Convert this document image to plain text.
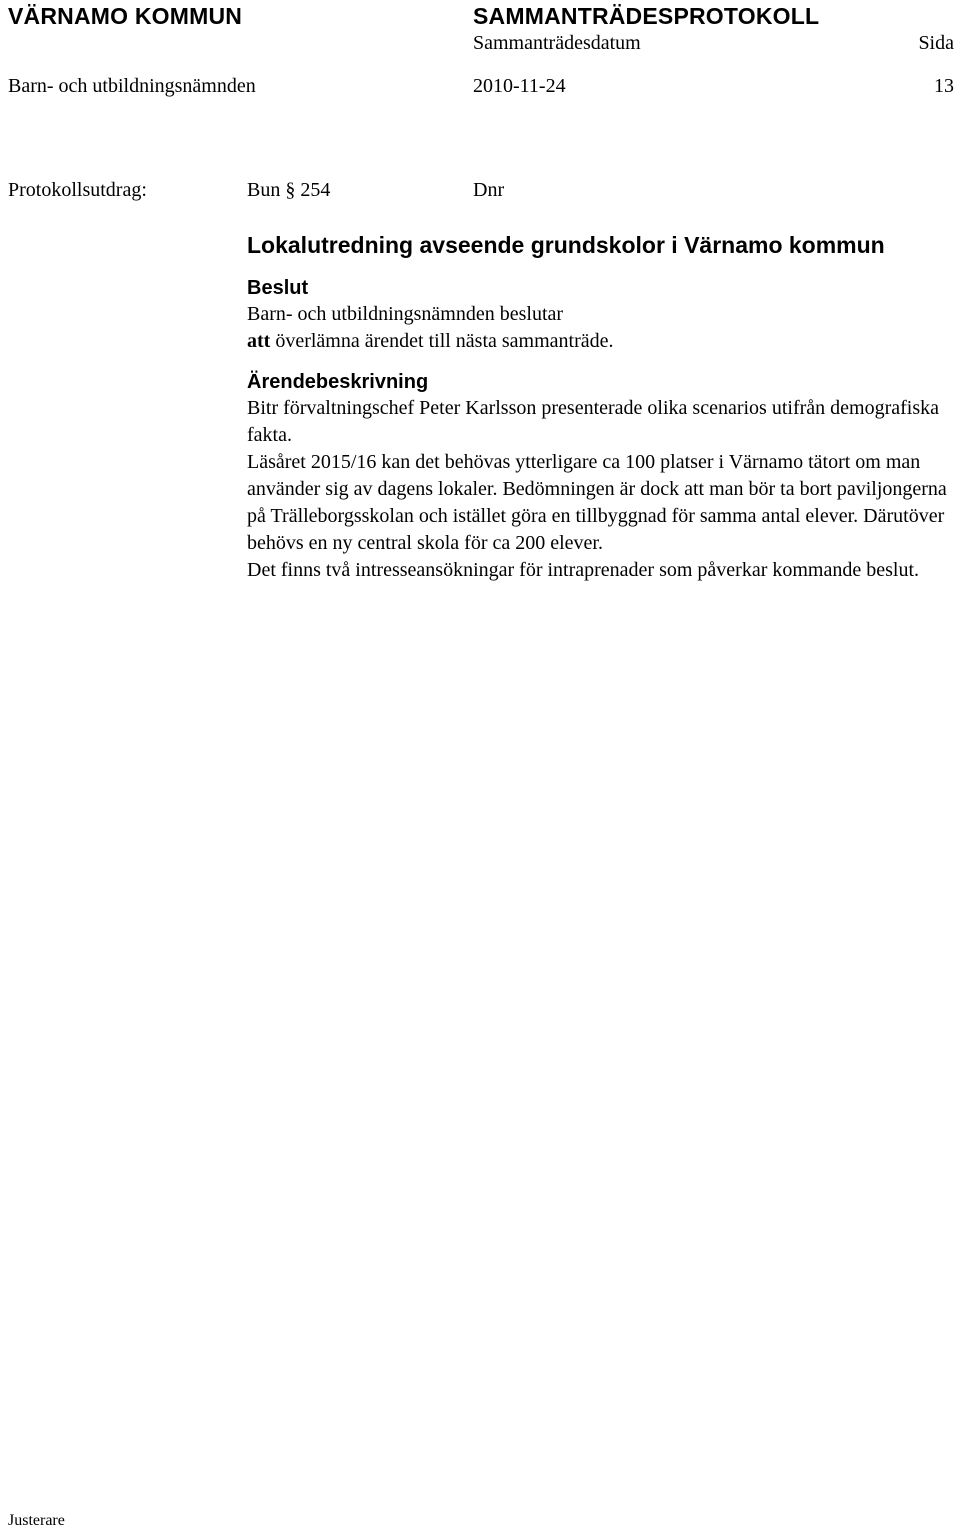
VÄRNAMO KOMMUN	SAMMANTRÄDESPROTOKOLL
Sammanträdesdatum	Sida
Barn- och utbildningsnämnden	2010-11-24	13
Protokollsutdrag:	Bun § 254	Dnr
Lokalutredning avseende grundskolor i Värnamo kommun
Beslut

Barn- och utbildningsnämnden beslutar

att överlämna ärendet till nästa sammanträde.

Ärendebeskrivning

Bitr förvaltningschef Peter Karlsson presenterade olika scenarios utifrån demografiska fakta.

Läsåret 2015/16 kan det behövas ytterligare ca 100 platser i Värnamo tätort om man använder sig av dagens lokaler. Bedömningen är dock att man bör ta bort paviljongerna på Trälleborgsskolan och istället göra en tillbyggnad för samma antal elever. Därutöver behövs en ny central skola för ca 200 elever.

Det finns två intresseansökningar för intraprenader som påverkar kommande beslut.

Justerare
